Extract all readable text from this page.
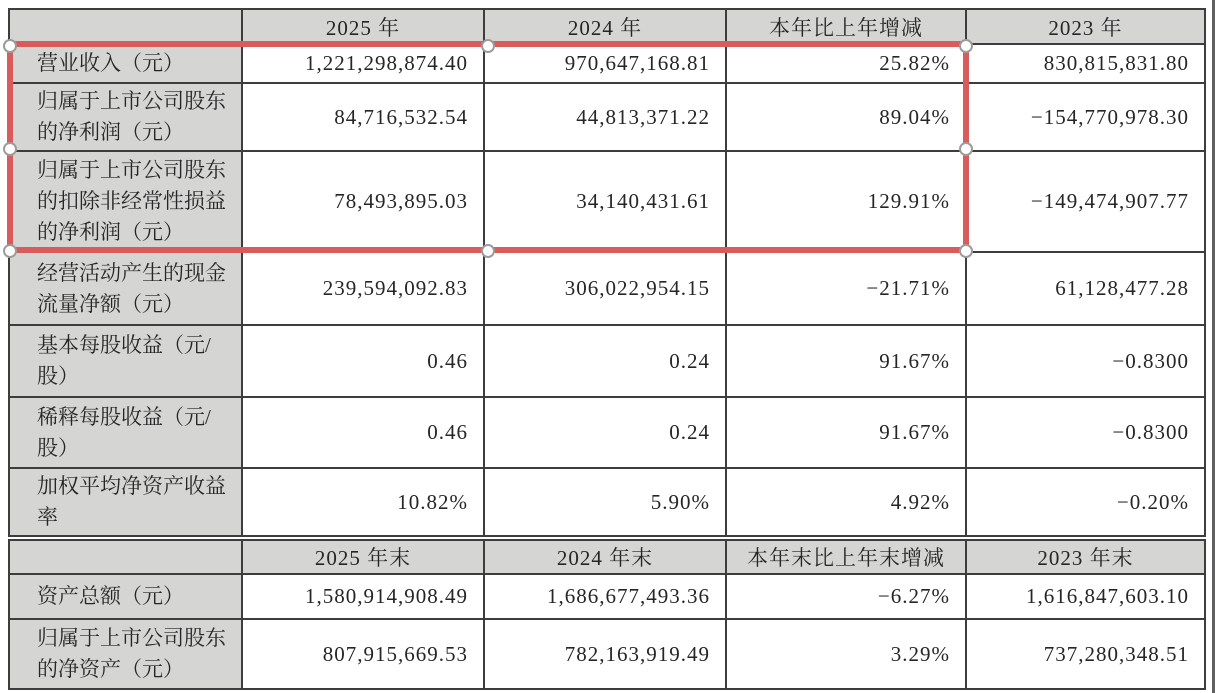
	2025 年	2024 年	本年比上年增减	2023 年
营业收入（元）	1,221,298,874.40	970,647,168.81	25.82%	830,815,831.80
归属于上市公司股东的净利润（元）	84,716,532.54	44,813,371.22	89.04%	−154,770,978.30
归属于上市公司股东的扣除非经常性损益的净利润（元）	78,493,895.03	34,140,431.61	129.91%	−149,474,907.77
经营活动产生的现金流量净额（元）	239,594,092.83	306,022,954.15	−21.71%	61,128,477.28
基本每股收益（元/股）	0.46	0.24	91.67%	−0.8300
稀释每股收益（元/股）	0.46	0.24	91.67%	−0.8300
加权平均净资产收益率	10.82%	5.90%	4.92%	−0.20%
	2025 年末	2024 年末	本年末比上年末增减	2023 年末
资产总额（元）	1,580,914,908.49	1,686,677,493.36	−6.27%	1,616,847,603.10
归属于上市公司股东的净资产（元）	807,915,669.53	782,163,919.49	3.29%	737,280,348.51
